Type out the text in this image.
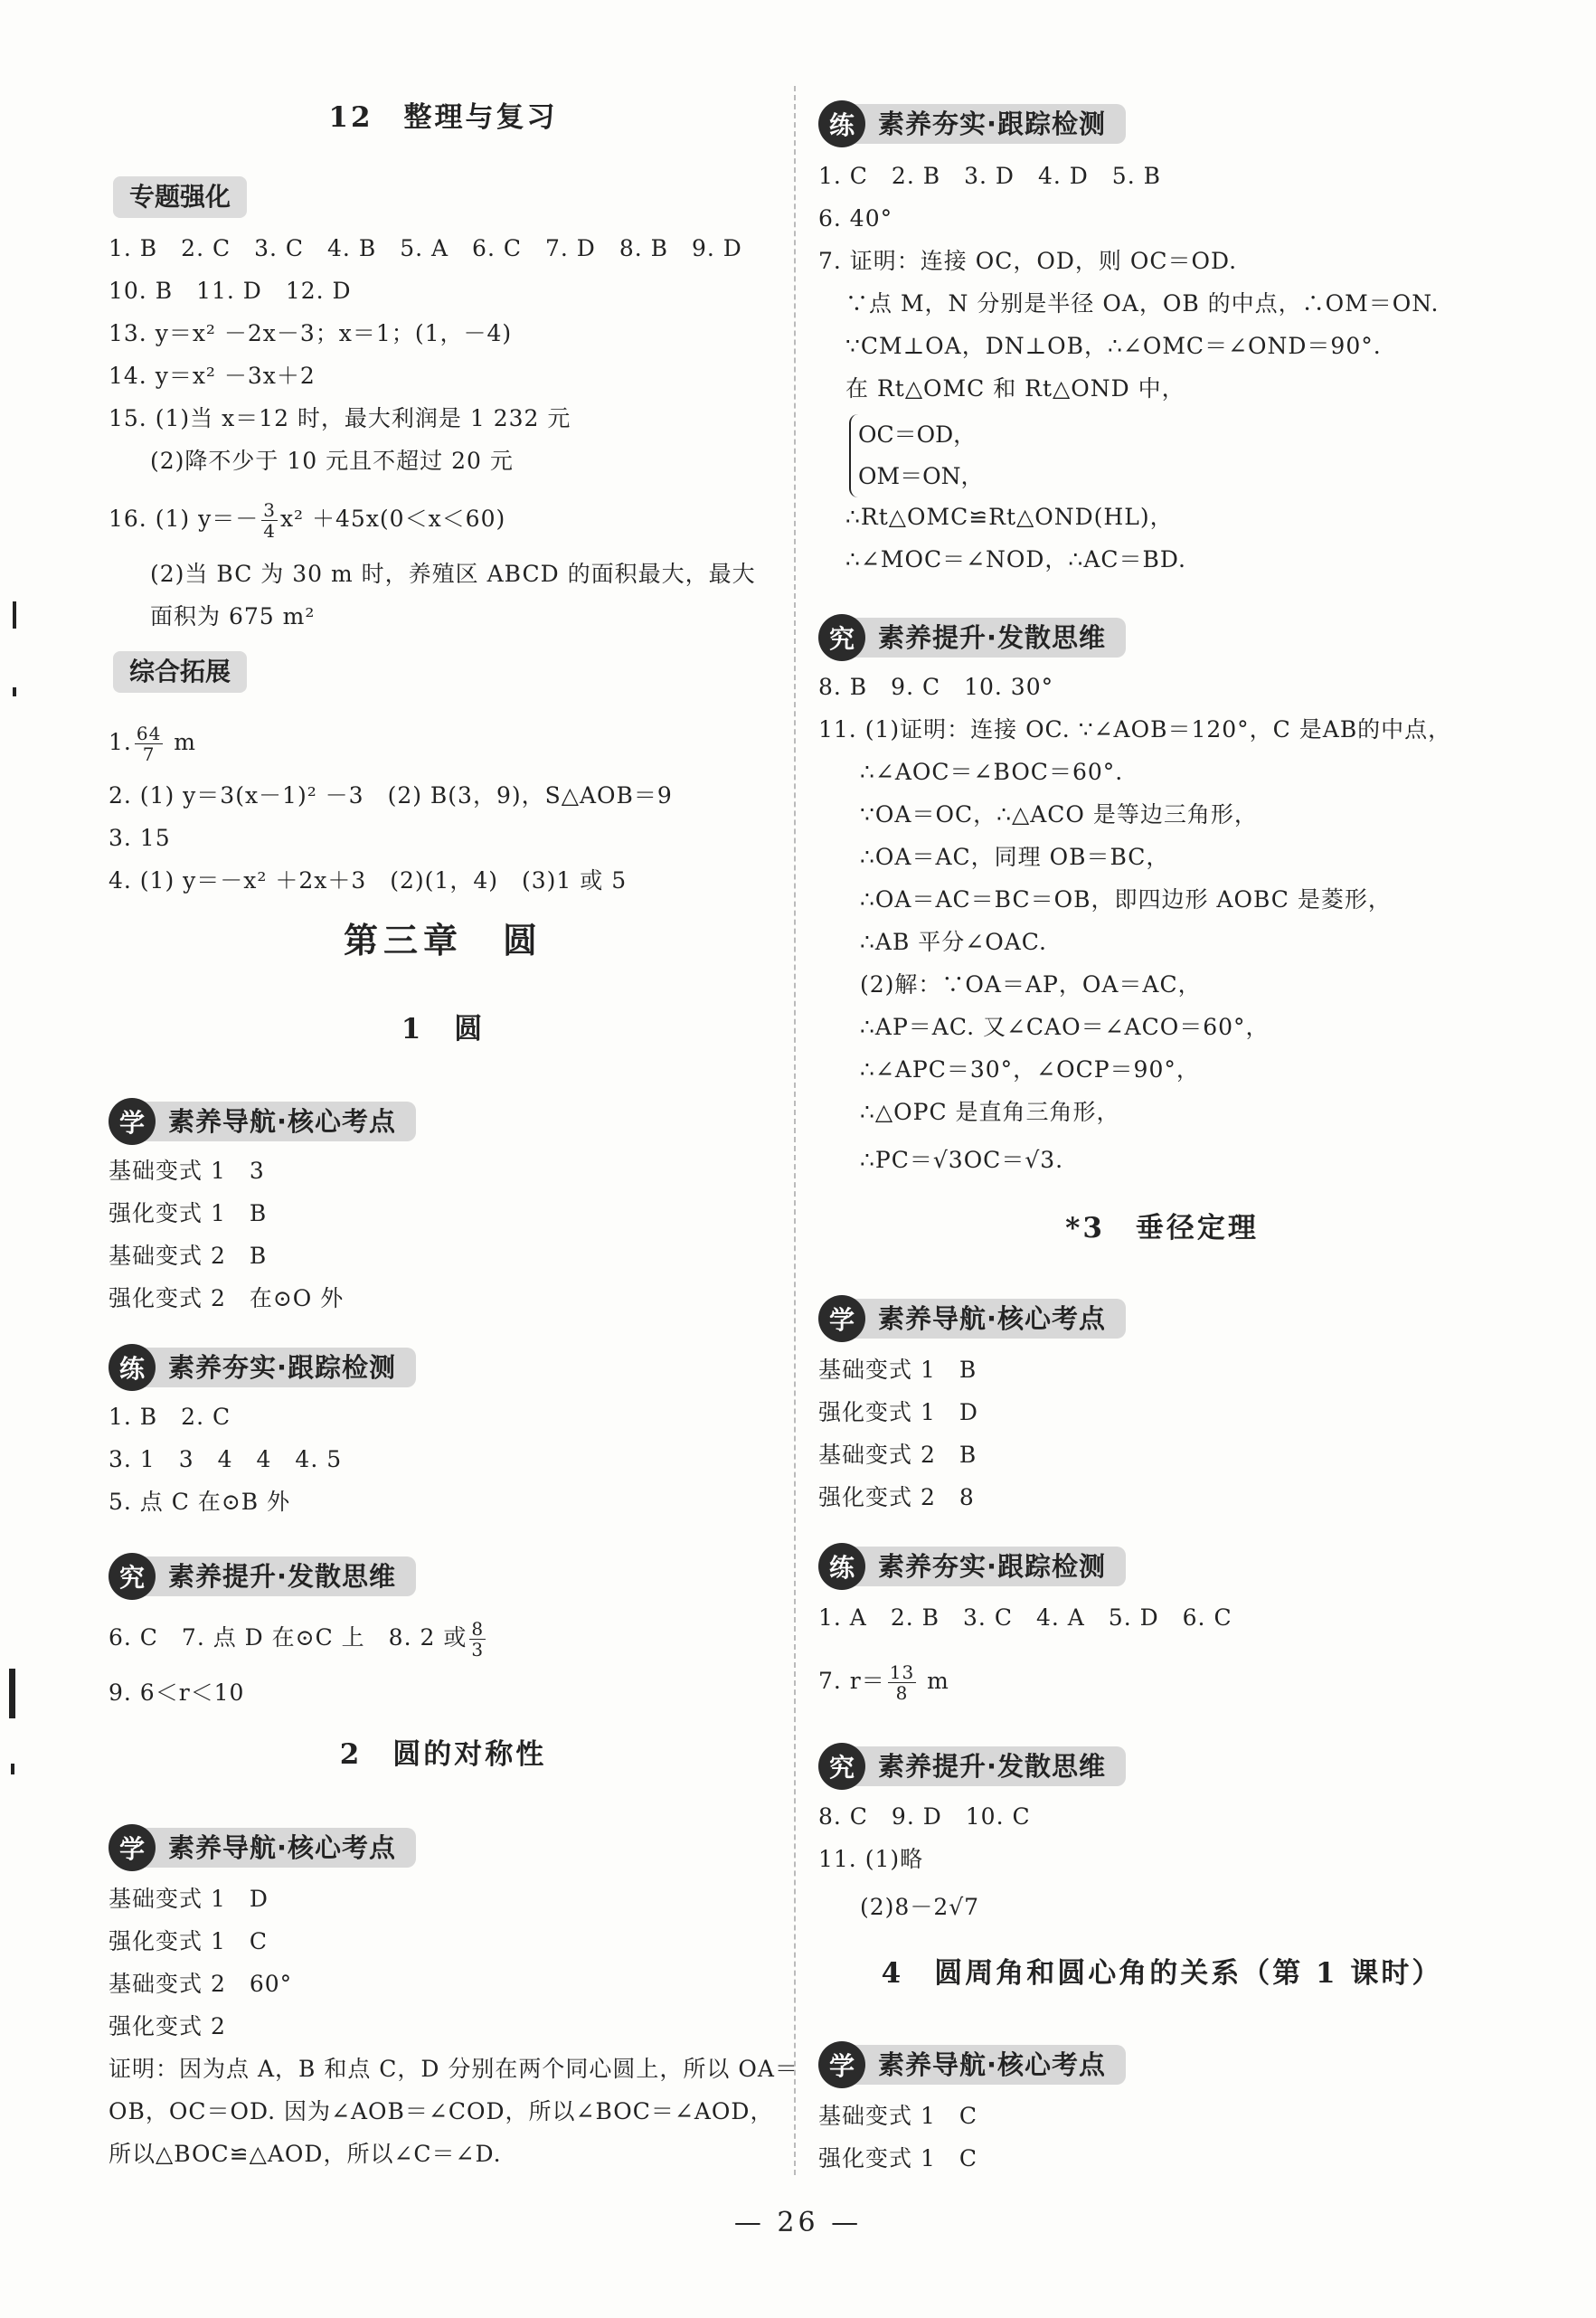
12　整理与复习
专题强化
1. B　2. C　3. C　4. B　5. A　6. C　7. D　8. B　9. D
10. B　11. D　12. D
13. y＝x² －2x－3；x＝1；(1，－4)
14. y＝x² －3x＋2
15. (1)当 x＝12 时，最大利润是 1 232 元
(2)降不少于 10 元且不超过 20 元
16. (1) $y=- \frac{3}{4} x^2 +45x(0<x<60)$
(2)当 BC 为 30 m 时，养殖区 ABCD 的面积最大，最大
面积为 675 m²
综合拓展
1. $\frac{64}{7}$ m
2. (1) y＝3(x－1)² －3　(2) B(3，9)，S△AOB＝9
3. 15
4. (1) y＝－x² ＋2x＋3　(2)(1，4)　(3)1 或 5
第三章　圆
1　圆
学 素养导航·核心考点
基础变式 1　3
强化变式 1　B
基础变式 2　B
强化变式 2　在⊙O 外
练 素养夯实·跟踪检测
1. B　2. C
3. 1　3　4　4　4. 5
5. 点 C 在⊙B 外
究 素养提升·发散思维
6. C　7. 点 D 在⊙C 上　8. 2 或 $\frac{8}{3}$
9. 6＜r＜10
2　圆的对称性
学 素养导航·核心考点
基础变式 1　D
强化变式 1　C
基础变式 2　60°
强化变式 2
证明：因为点 A，B 和点 C，D 分别在两个同心圆上，所以 OA＝
OB，OC＝OD. 因为∠AOB＝∠COD，所以∠BOC＝∠AOD，
所以△BOC≌△AOD，所以∠C＝∠D.
练 素养夯实·跟踪检测
1. C　2. B　3. D　4. D　5. B
6. 40°
7. 证明：连接 OC，OD，则 OC＝OD.
∵点 M，N 分别是半径 OA，OB 的中点，∴OM＝ON.
∵CM⊥OA，DN⊥OB，∴∠OMC＝∠OND＝90°.
在 Rt△OMC 和 Rt△OND 中，
OC＝OD，
OM＝ON，
∴Rt△OMC≌Rt△OND(HL)，
∴∠MOC＝∠NOD，∴AC＝BD.
究 素养提升·发散思维
8. B　9. C　10. 30°
11. (1)证明：连接 OC. ∵∠AOB＝120°，C 是AB的中点，
∴∠AOC＝∠BOC＝60°.
∵OA＝OC，∴△ACO 是等边三角形，
∴OA＝AC，同理 OB＝BC，
∴OA＝AC＝BC＝OB，即四边形 AOBC 是菱形，
∴AB 平分∠OAC.
(2)解：∵OA＝AP，OA＝AC，
∴AP＝AC. 又∠CAO＝∠ACO＝60°，
∴∠APC＝30°，∠OCP＝90°，
∴△OPC 是直角三角形，
∴PC＝√3OC＝√3.
*3　垂径定理
学 素养导航·核心考点
基础变式 1　B
强化变式 1　D
基础变式 2　B
强化变式 2　8
练 素养夯实·跟踪检测
1. A　2. B　3. C　4. A　5. D　6. C
7. $r= \frac{13}{8}$ m
究 素养提升·发散思维
8. C　9. D　10. C
11. (1)略
(2)8－2√7
4　圆周角和圆心角的关系（第 1 课时）
学 素养导航·核心考点
基础变式 1　C
强化变式 1　C
— 26 —
